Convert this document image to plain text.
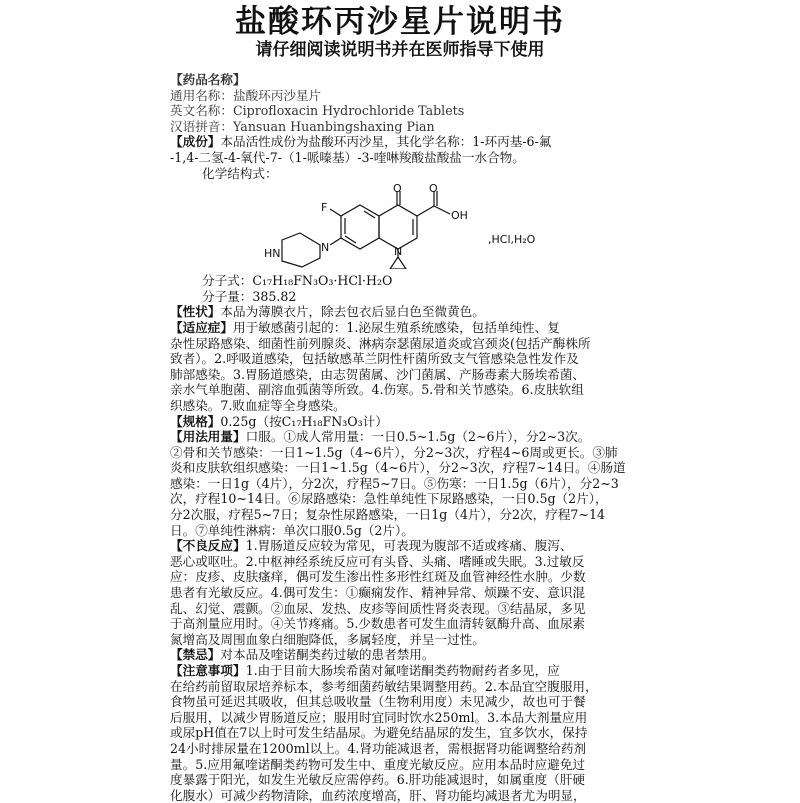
盐酸环丙沙星片说明书

请仔细阅读说明书并在医师指导下使用

【药品名称】
通用名称：盐酸环丙沙星片
英文名称：Ciprofloxacin Hydrochloride Tablets
汉语拼音：Yansuan Huanbingshaxing Pian
【成份】本品活性成份为盐酸环丙沙星，其化学名称：1-环丙基-6-氟
-1,4-二氢-4-氧代-7-（1-哌嗪基）-3-喹啉羧酸盐酸盐一水合物。
化学结构式：
O O
OH
F
N	N
HN
,HCl,H₂O
分子式：C₁₇H₁₈FN₃O₃·HCl·H₂O
分子量：385.82
【性状】本品为薄膜衣片，除去包衣后显白色至微黄色。
【适应症】用于敏感菌引起的：1.泌尿生殖系统感染，包括单纯性、复
杂性尿路感染、细菌性前列腺炎、淋病奈瑟菌尿道炎或宫颈炎(包括产酶株所
致者）。2.呼吸道感染，包括敏感革兰阴性杆菌所致支气管感染急性发作及
肺部感染。3.胃肠道感染，由志贺菌属、沙门菌属、产肠毒素大肠埃希菌、
亲水气单胞菌、副溶血弧菌等所致。4.伤寒。5.骨和关节感染。6.皮肤软组
织感染。7.败血症等全身感染。
【规格】0.25g（按C₁₇H₁₈FN₃O₃计）
【用法用量】口服。①成人常用量：一日0.5~1.5g（2~6片），分2~3次。
②骨和关节感染：一日1~1.5g（4~6片），分2~3次，疗程4~6周或更长。③肺
炎和皮肤软组织感染：一日1~1.5g（4~6片），分2~3次，疗程7~14日。④肠道
感染：一日1g（4片），分2次，疗程5~7日。⑤伤寒：一日1.5g（6片），分2~3
次，疗程10~14日。⑥尿路感染：急性单纯性下尿路感染，一日0.5g（2片），
分2次服，疗程5~7日；复杂性尿路感染，一日1g（4片），分2次，疗程7~14
日。⑦单纯性淋病：单次口服0.5g（2片）。
【不良反应】1.胃肠道反应较为常见，可表现为腹部不适或疼痛、腹泻、
恶心或呕吐。2.中枢神经系统反应可有头昏、头痛、嗜睡或失眠。3.过敏反
应：皮疹、皮肤瘙痒，偶可发生渗出性多形性红斑及血管神经性水肿。少数
患者有光敏反应。4.偶可发生：①癫痫发作、精神异常、烦躁不安、意识混
乱、幻觉、震颤。②血尿、发热、皮疹等间质性肾炎表现。③结晶尿，多见
于高剂量应用时。④关节疼痛。5.少数患者可发生血清转氨酶升高、血尿素
氮增高及周围血象白细胞降低，多属轻度，并呈一过性。
【禁忌】对本品及喹诺酮类药过敏的患者禁用。
【注意事项】1.由于目前大肠埃希菌对氟喹诺酮类药物耐药者多见，应
在给药前留取尿培养标本，参考细菌药敏结果调整用药。2.本品宜空腹服用，
食物虽可延迟其吸收，但其总吸收量（生物利用度）未见减少，故也可于餐
后服用，以减少胃肠道反应；服用时宜同时饮水250ml。3.本品大剂量应用
或尿pH值在7以上时可发生结晶尿。为避免结晶尿的发生，宜多饮水，保持
24小时排尿量在1200ml以上。4.肾功能减退者，需根据肾功能调整给药剂
量。5.应用氟喹诺酮类药物可发生中、重度光敏反应。应用本品时应避免过
度暴露于阳光，如发生光敏反应需停药。6.肝功能减退时，如属重度（肝硬
化腹水）可减少药物清除，血药浓度增高，肝、肾功能均减退者尤为明显，
